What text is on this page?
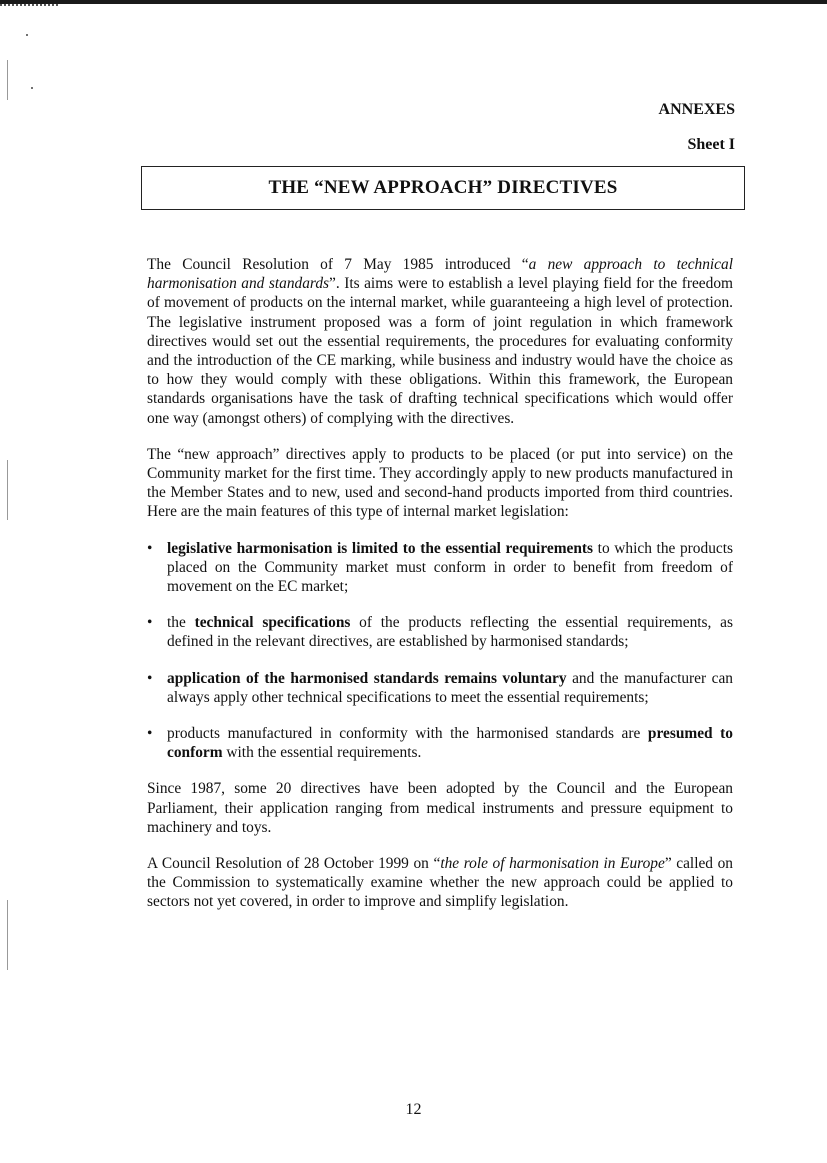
ANNEXES
Sheet I
THE “NEW APPROACH” DIRECTIVES

The Council Resolution of 7 May 1985 introduced “a new approach to technical harmonisation and standards”. Its aims were to establish a level playing field for the freedom of movement of products on the internal market, while guaranteeing a high level of protection. The legislative instrument proposed was a form of joint regulation in which framework directives would set out the essential requirements, the procedures for evaluating conformity and the introduction of the CE marking, while business and industry would have the choice as to how they would comply with these obligations. Within this framework, the European standards organisations have the task of drafting technical specifications which would offer one way (amongst others) of complying with the directives.

The “new approach” directives apply to products to be placed (or put into service) on the Community market for the first time. They accordingly apply to new products manufactured in the Member States and to new, used and second-hand products imported from third countries. Here are the main features of this type of internal market legislation:

• legislative harmonisation is limited to the essential requirements to which the products placed on the Community market must conform in order to benefit from freedom of movement on the EC market;
• the technical specifications of the products reflecting the essential requirements, as defined in the relevant directives, are established by harmonised standards;
• application of the harmonised standards remains voluntary and the manufacturer can always apply other technical specifications to meet the essential requirements;
• products manufactured in conformity with the harmonised standards are presumed to conform with the essential requirements.

Since 1987, some 20 directives have been adopted by the Council and the European Parliament, their application ranging from medical instruments and pressure equipment to machinery and toys.

A Council Resolution of 28 October 1999 on “the role of harmonisation in Europe” called on the Commission to systematically examine whether the new approach could be applied to sectors not yet covered, in order to improve and simplify legislation.

12
